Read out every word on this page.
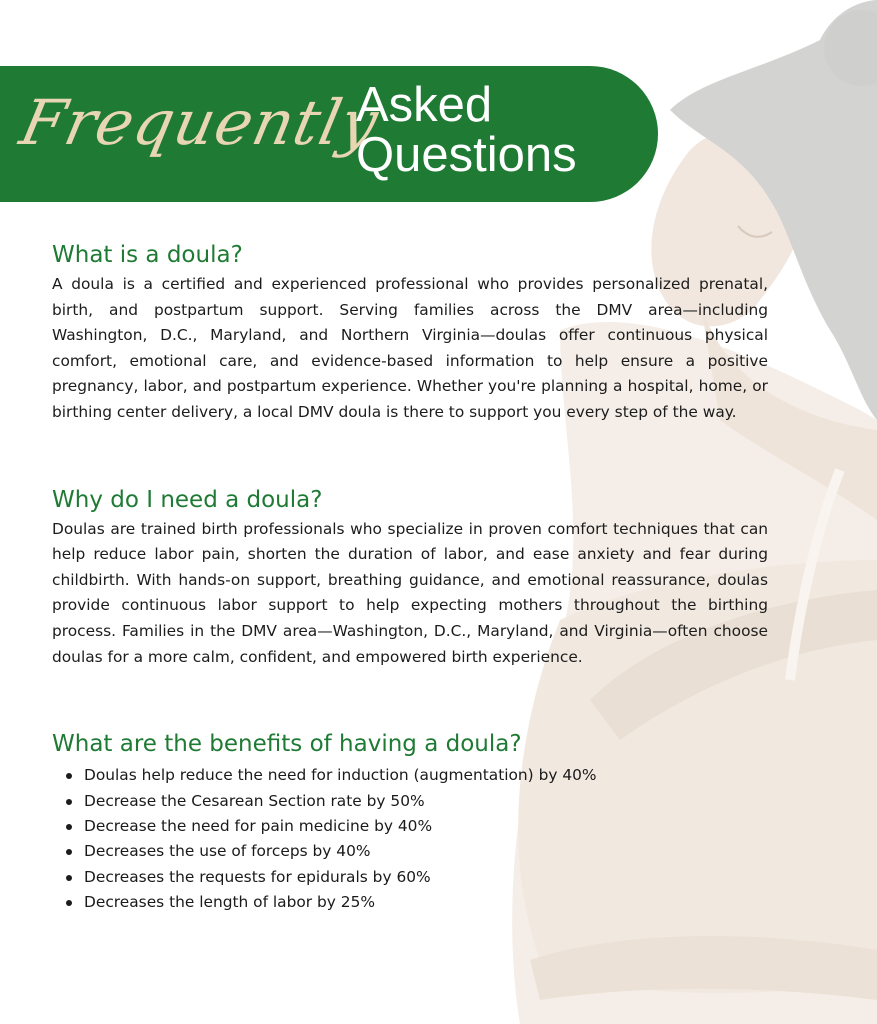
Frequently
Asked
Questions
What is a doula?

A doula is a certified and experienced professional who provides personalized prenatal, birth, and postpartum support. Serving families across the DMV area—including Washington, D.C., Maryland, and Northern Virginia—doulas offer continuous physical comfort, emotional care, and evidence-based information to help ensure a positive pregnancy, labor, and postpartum experience. Whether you're planning a hospital, home, or birthing center delivery, a local DMV doula is there to support you every step of the way.

Why do I need a doula?

Doulas are trained birth professionals who specialize in proven comfort techniques that can help reduce labor pain, shorten the duration of labor, and ease anxiety and fear during childbirth. With hands-on support, breathing guidance, and emotional reassurance, doulas provide continuous labor support to help expecting mothers throughout the birthing process. Families in the DMV area—Washington, D.C., Maryland, and Virginia—often choose doulas for a more calm, confident, and empowered birth experience.

What are the benefits of having a doula?
Doulas help reduce the need for induction (augmentation) by 40%
Decrease the Cesarean Section rate by 50%
Decrease the need for pain medicine by 40%
Decreases the use of forceps by 40%
Decreases the requests for epidurals by 60%
Decreases the length of labor by 25%
